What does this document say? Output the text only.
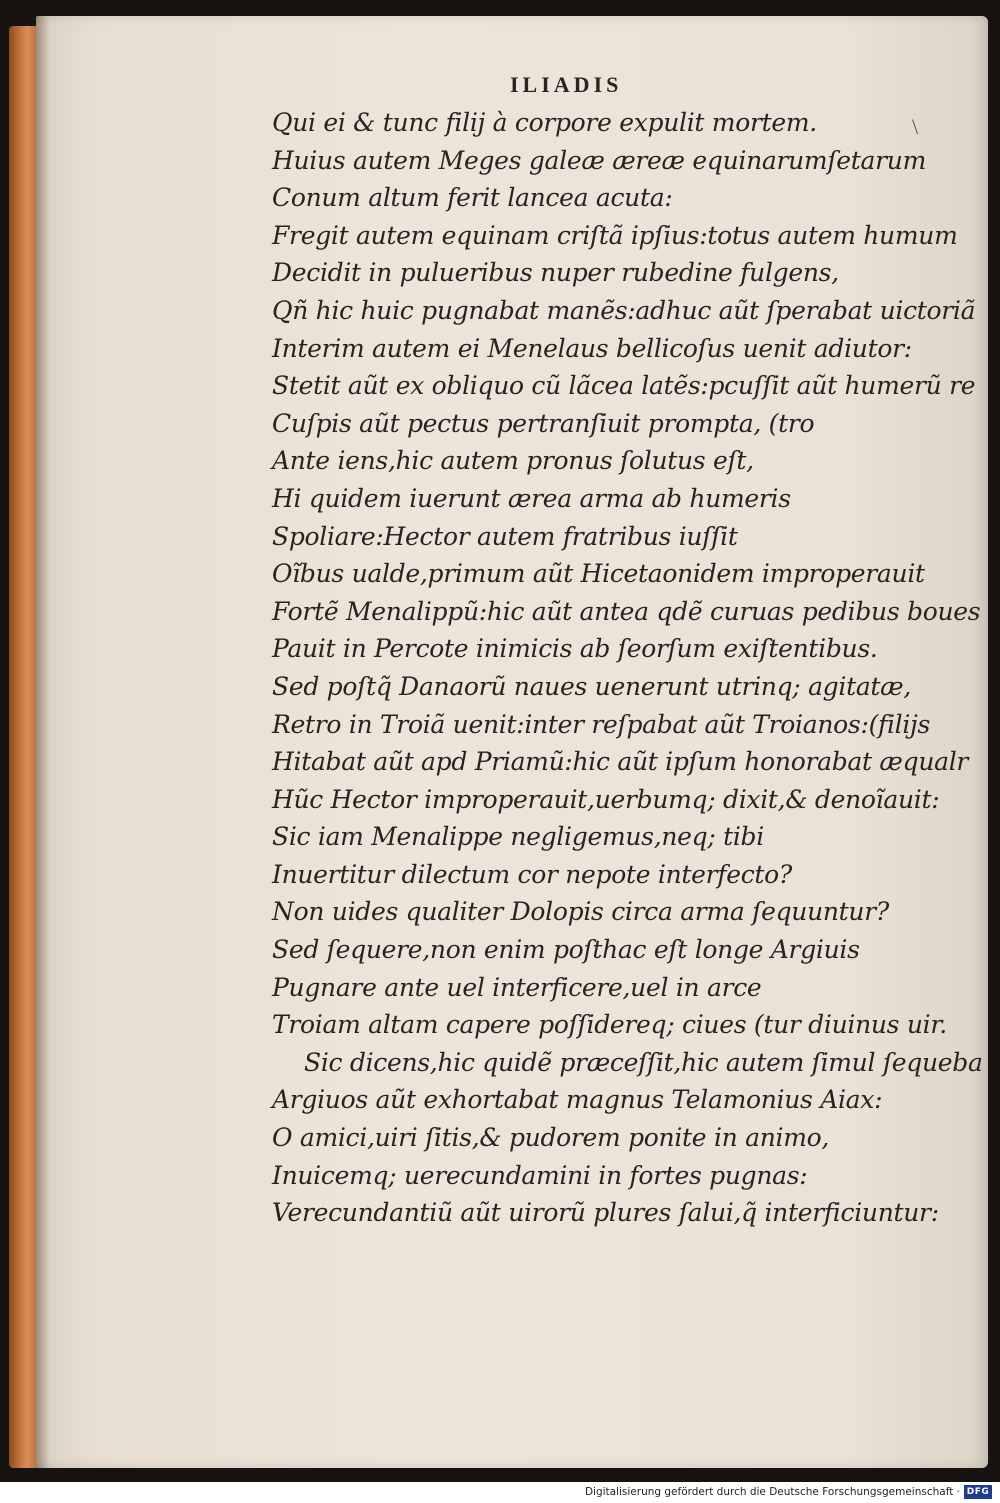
ILIADIS
\
Qui ei & tunc filij à corpore expulit mortem.
Huius autem Meges galeæ æreæ equinarumſetarum
Conum altum ferit lancea acuta:
Fregit autem equinam criſtã ipſius:totus autem humum
Decidit in pulueribus nuper rubedine fulgens,
Qñ hic huic pugnabat manẽs:adhuc aũt ſperabat uictoriã
Interim autem ei Menelaus bellicoſus uenit adiutor:
Stetit aũt ex obliquo cũ lãcea latẽs:pcuſſit aũt humerũ re
Cuſpis aũt pectus pertranſiuit prompta, (tro
Ante iens,hic autem pronus ſolutus eſt,
Hi quidem iuerunt ærea arma ab humeris
Spoliare:Hector autem fratribus iuſſit
Oĩbus ualde,primum aũt Hicetaonidem improperauit
Fortẽ Menalippũ:hic aũt antea qdẽ curuas pedibus boues
Pauit in Percote inimicis ab ſeorſum exiſtentibus.
Sed poſtq̃ Danaorũ naues uenerunt utrinq; agitatæ,
Retro in Troiã uenit:inter reſpabat aũt Troianos:(filijs
Hitabat aũt apd Priamũ:hic aũt ipſum honorabat æqualr
Hũc Hector improperauit,uerbumq; dixit,& denoĩauit:
Sic iam Menalippe negligemus,neq; tibi
Inuertitur dilectum cor nepote interfecto?
Non uides qualiter Dolopis circa arma ſequuntur?
Sed ſequere,non enim poſthac eſt longe Argiuis
Pugnare ante uel interficere,uel in arce
Troiam altam capere poſſidereq; ciues (tur diuinus uir.
Sic dicens,hic quidẽ præceſſit,hic autem ſimul ſequeba
Argiuos aũt exhortabat magnus Telamonius Aiax:
O amici,uiri ſitis,& pudorem ponite in animo,
Inuicemq; uerecundamini in fortes pugnas:
Verecundantiũ aũt uirorũ plures ſalui,q̃ interficiuntur:
Digitalisierung gefördert durch die Deutsche Forschungsgemeinschaft · DFG
